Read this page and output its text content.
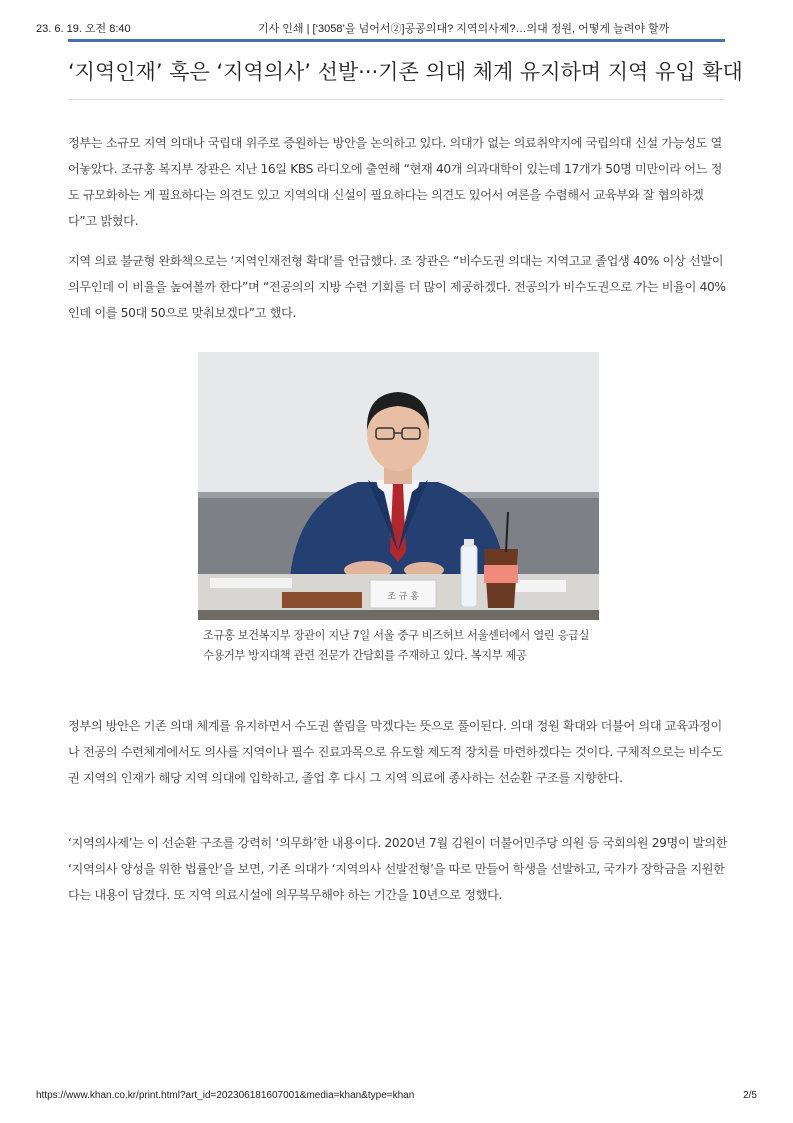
23. 6. 19. 오전 8:40	기사 인쇄 | [‘3058’을 넘어서②]공공의대? 지역의사제?…의대 정원, 어떻게 늘려야 할까
‘지역인재’ 혹은 ‘지역의사’ 선발···기존 의대 체계 유지하며 지역 유입 확대

정부는 소규모 지역 의대나 국립대 위주로 증원하는 방안을 논의하고 있다. 의대가 없는 의료취약지에 국립의대 신설 가능성도 열어놓았다. 조규홍 복지부 장관은 지난 16일 KBS 라디오에 출연해 “현재 40개 의과대학이 있는데 17개가 50명 미만이라 어느 정도 규모화하는 게 필요하다는 의견도 있고 지역의대 신설이 필요하다는 의견도 있어서 여론을 수렴해서 교육부와 잘 협의하겠다”고 밝혔다.

지역 의료 불균형 완화책으로는 ‘지역인재전형 확대’를 언급했다. 조 장관은 “비수도권 의대는 지역고교 졸업생 40% 이상 선발이 의무인데 이 비율을 높여볼까 한다”며 “전공의의 지방 수련 기회를 더 많이 제공하겠다. 전공의가 비수도권으로 가는 비율이 40%인데 이를 50대 50으로 맞춰보겠다”고 했다.

조 규 홍

조규홍 보건복지부 장관이 지난 7일 서울 중구 비즈허브 서울센터에서 열린 응급실 수용거부 방지대책 관련 전문가 간담회를 주재하고 있다. 복지부 제공

정부의 방안은 기존 의대 체계를 유지하면서 수도권 쏠림을 막겠다는 뜻으로 풀이된다. 의대 정원 확대와 더불어 의대 교육과정이나 전공의 수련체계에서도 의사를 지역이나 필수 진료과목으로 유도할 제도적 장치를 마련하겠다는 것이다. 구체적으로는 비수도권 지역의 인재가 해당 지역 의대에 입학하고, 졸업 후 다시 그 지역 의료에 종사하는 선순환 구조를 지향한다.

‘지역의사제’는 이 선순환 구조를 강력히 ‘의무화’한 내용이다. 2020년 7월 김원이 더불어민주당 의원 등 국회의원 29명이 발의한 ‘지역의사 양성을 위한 법률안’을 보면, 기존 의대가 ‘지역의사 선발전형’을 따로 만들어 학생을 선발하고, 국가가 장학금을 지원한다는 내용이 담겼다. 또 지역 의료시설에 의무복무해야 하는 기간을 10년으로 정했다.

https://www.khan.co.kr/print.html?art_id=202306181607001&media=khan&type=khan	2/5
